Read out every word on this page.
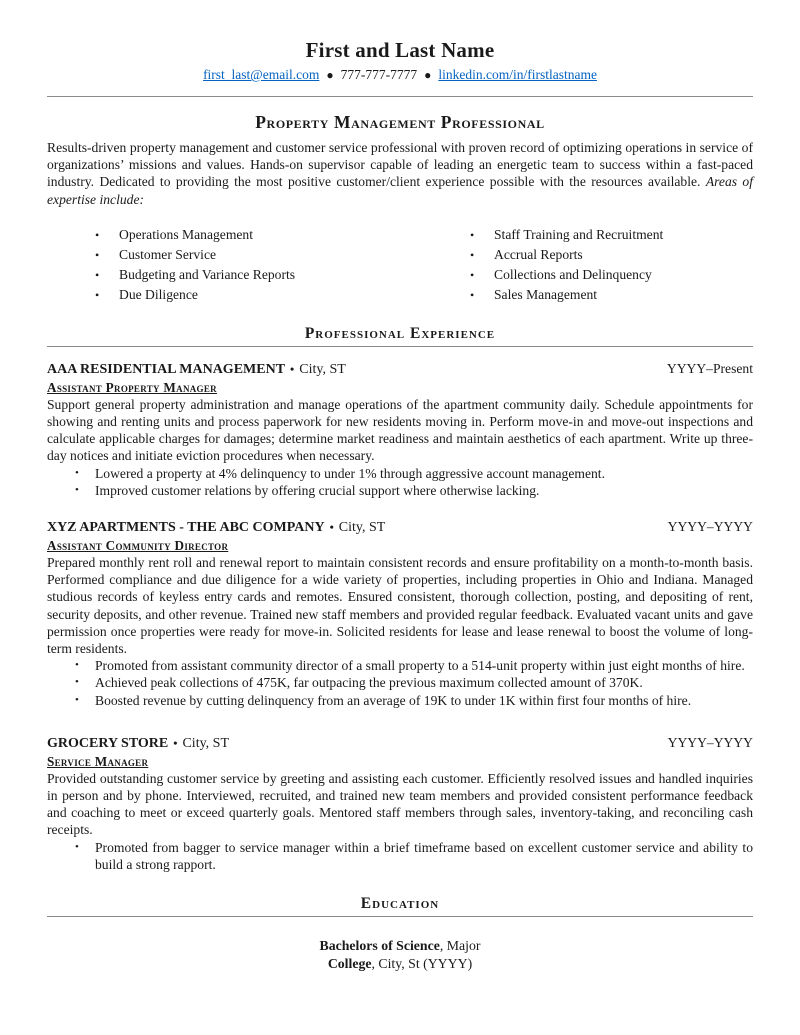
First and Last Name
first_last@email.com ● 777-777-7777 ● linkedin.com/in/firstlastname
Property Management Professional

Results-driven property management and customer service professional with proven record of optimizing operations in service of organizations’ missions and values. Hands-on supervisor capable of leading an energetic team to success within a fast-paced industry. Dedicated to providing the most positive customer/client experience possible with the resources available. Areas of expertise include:

•	Operations Management
•	Customer Service
•	Budgeting and Variance Reports
•	Due Diligence
•	Staff Training and Recruitment
•	Accrual Reports
•	Collections and Delinquency
•	Sales Management
Professional Experience
AAA RESIDENTIAL MANAGEMENT • City, ST	YYYY–Present
Assistant Property Manager

Support general property administration and manage operations of the apartment community daily. Schedule appointments for showing and renting units and process paperwork for new residents moving in. Perform move-in and move-out inspections and calculate applicable charges for damages; determine market readiness and maintain aesthetics of each apartment. Write up three-day notices and initiate eviction procedures when necessary.

•	Lowered a property at 4% delinquency to under 1% through aggressive account management.
•	Improved customer relations by offering crucial support where otherwise lacking.
XYZ APARTMENTS - THE ABC COMPANY • City, ST	YYYY–YYYY
Assistant Community Director

Prepared monthly rent roll and renewal report to maintain consistent records and ensure profitability on a month-to-month basis. Performed compliance and due diligence for a wide variety of properties, including properties in Ohio and Indiana. Managed studious records of keyless entry cards and remotes. Ensured consistent, thorough collection, posting, and depositing of rent, security deposits, and other revenue. Trained new staff members and provided regular feedback. Evaluated vacant units and gave permission once properties were ready for move-in. Solicited residents for lease and lease renewal to boost the volume of long-term residents.

•	Promoted from assistant community director of a small property to a 514-unit property within just eight months of hire.
•	Achieved peak collections of 475K, far outpacing the previous maximum collected amount of 370K.
•	Boosted revenue by cutting delinquency from an average of 19K to under 1K within first four months of hire.
GROCERY STORE • City, ST	YYYY–YYYY
Service Manager

Provided outstanding customer service by greeting and assisting each customer. Efficiently resolved issues and handled inquiries in person and by phone. Interviewed, recruited, and trained new team members and provided consistent performance feedback and coaching to meet or exceed quarterly goals. Mentored staff members through sales, inventory-taking, and reconciling cash receipts.

•	Promoted from bagger to service manager within a brief timeframe based on excellent customer service and ability to build a strong rapport.
Education
Bachelors of Science, Major
College, City, St (YYYY)
